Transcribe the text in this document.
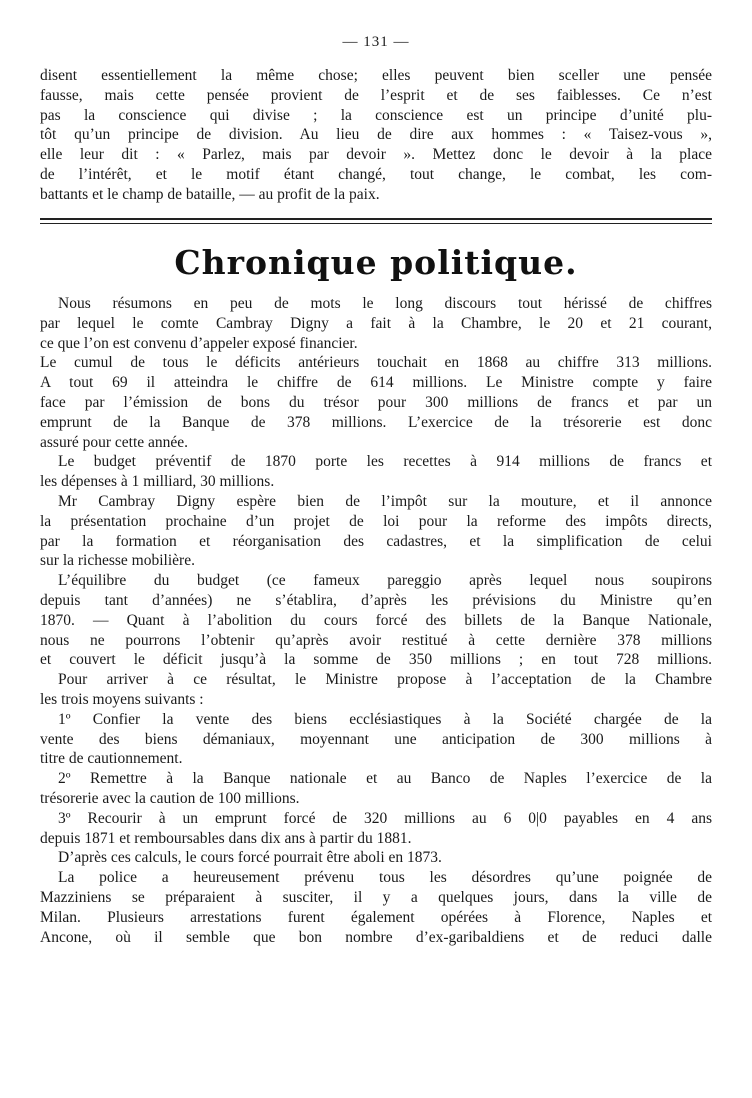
— 131 —
disent essentiellement la même chose; elles peuvent bien sceller une pensée
fausse, mais cette pensée provient de l’esprit et de ses faiblesses. Ce n’est
pas la conscience qui divise ; la conscience est un principe d’unité plu-
tôt qu’un principe de division. Au lieu de dire aux hommes : « Taisez-vous »,
elle leur dit : « Parlez, mais par devoir ». Mettez donc le devoir à la place
de l’intérêt, et le motif étant changé, tout change, le combat, les com-
battants et le champ de bataille, — au profit de la paix.
Chronique politique.
Nous résumons en peu de mots le long discours tout hérissé de chiffres
par lequel le comte Cambray Digny a fait à la Chambre, le 20 et 21 courant,
ce que l’on est convenu d’appeler exposé financier.
Le cumul de tous le déficits antérieurs touchait en 1868 au chiffre 313 millions.
A tout 69 il atteindra le chiffre de 614 millions. Le Ministre compte y faire
face par l’émission de bons du trésor pour 300 millions de francs et par un
emprunt de la Banque de 378 millions. L’exercice de la trésorerie est donc
assuré pour cette année.
Le budget préventif de 1870 porte les recettes à 914 millions de francs et
les dépenses à 1 milliard, 30 millions.
Mr Cambray Digny espère bien de l’impôt sur la mouture, et il annonce
la présentation prochaine d’un projet de loi pour la reforme des impôts directs,
par la formation et réorganisation des cadastres, et la simplification de celui
sur la richesse mobilière.
L’équilibre du budget (ce fameux pareggio après lequel nous soupirons
depuis tant d’années) ne s’établira, d’après les prévisions du Ministre qu’en
1870. — Quant à l’abolition du cours forcé des billets de la Banque Nationale,
nous ne pourrons l’obtenir qu’après avoir restitué à cette dernière 378 millions
et couvert le déficit jusqu’à la somme de 350 millions ; en tout 728 millions.
Pour arriver à ce résultat, le Ministre propose à l’acceptation de la Chambre
les trois moyens suivants :
1º Confier la vente des biens ecclésiastiques à la Société chargée de la
vente des biens démaniaux, moyennant une anticipation de 300 millions à
titre de cautionnement.
2º Remettre à la Banque nationale et au Banco de Naples l’exercice de la
trésorerie avec la caution de 100 millions.
3º Recourir à un emprunt forcé de 320 millions au 6 0|0 payables en 4 ans
depuis 1871 et remboursables dans dix ans à partir du 1881.
D’après ces calculs, le cours forcé pourrait être aboli en 1873.
La police a heureusement prévenu tous les désordres qu’une poignée de
Mazziniens se préparaient à susciter, il y a quelques jours, dans la ville de
Milan. Plusieurs arrestations furent également opérées à Florence, Naples et
Ancone, où il semble que bon nombre d’ex-garibaldiens et de reduci dalle
